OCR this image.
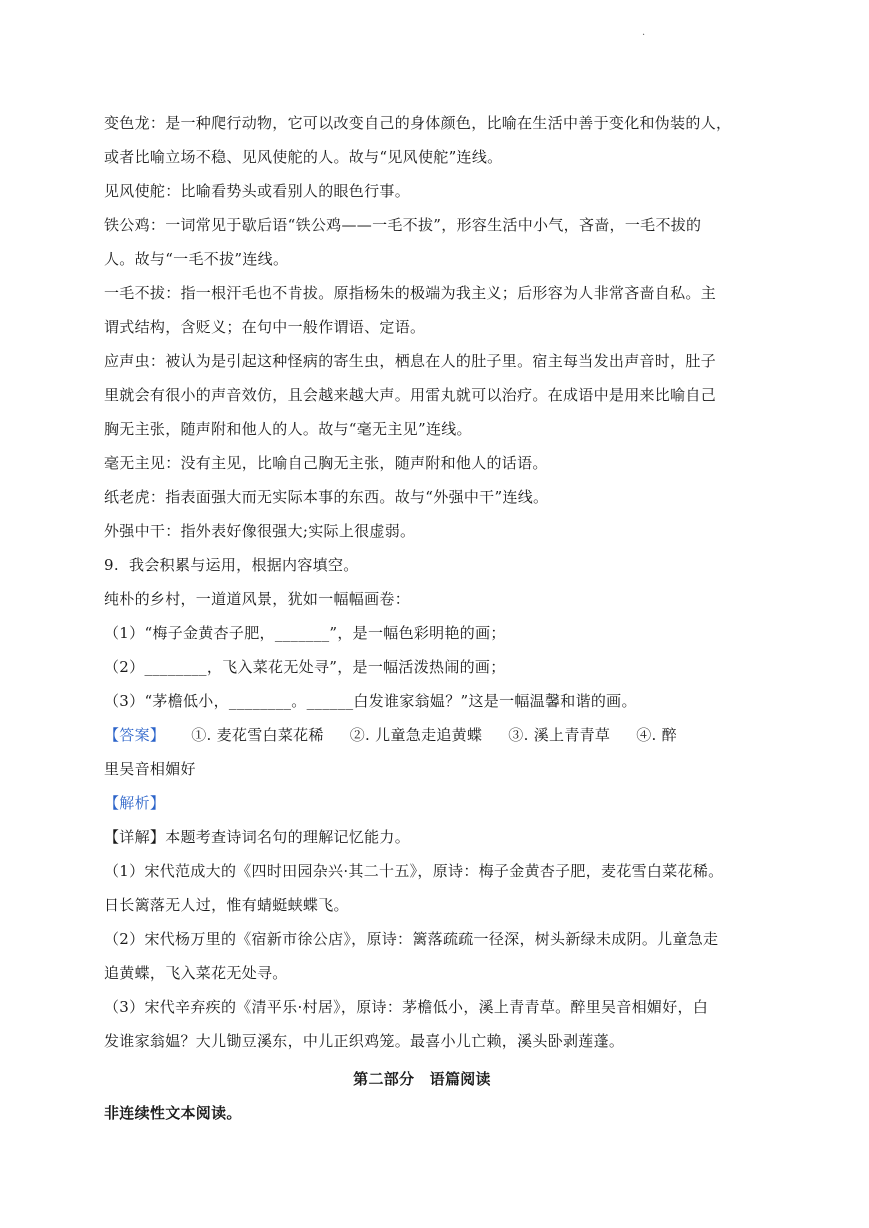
·

变色龙：是一种爬行动物，它可以改变自己的身体颜色，比喻在生活中善于变化和伪装的人，

或者比喻立场不稳、见风使舵的人。故与“见风使舵”连线。

见风使舵：比喻看势头或看别人的眼色行事。

铁公鸡：一词常见于歇后语“铁公鸡——一毛不拔”，形容生活中小气，吝啬，一毛不拔的

人。故与“一毛不拔”连线。

一毛不拔：指一根汗毛也不肯拔。原指杨朱的极端为我主义；后形容为人非常吝啬自私。主

谓式结构，含贬义；在句中一般作谓语、定语。

应声虫：被认为是引起这种怪病的寄生虫，栖息在人的肚子里。宿主每当发出声音时，肚子

里就会有很小的声音效仿，且会越来越大声。用雷丸就可以治疗。在成语中是用来比喻自己

胸无主张，随声附和他人的人。故与“毫无主见”连线。

毫无主见：没有主见，比喻自己胸无主张，随声附和他人的话语。

纸老虎：指表面强大而无实际本事的东西。故与“外强中干”连线。

外强中干：指外表好像很强大;实际上很虚弱。

9.  我会积累与运用，根据内容填空。

纯朴的乡村，一道道风景，犹如一幅幅画卷：

（1）“梅子金黄杏子肥，_______”，是一幅色彩明艳的画；

（2）________，飞入菜花无处寻”，是一幅活泼热闹的画；

（3）“茅檐低小，________。______白发谁家翁媪？”这是一幅温馨和谐的画。

【答案】 ①. 麦花雪白菜花稀 ②. 儿童急走追黄蝶 ③. 溪上青青草 ④. 醉

里吴音相媚好

【解析】

【详解】本题考查诗词名句的理解记忆能力。

（1）宋代范成大的《四时田园杂兴·其二十五》，原诗：梅子金黄杏子肥，麦花雪白菜花稀。

日长篱落无人过，惟有蜻蜓蛱蝶飞。

（2）宋代杨万里的《宿新市徐公店》，原诗：篱落疏疏一径深，树头新绿未成阴。儿童急走

追黄蝶，飞入菜花无处寻。

（3）宋代辛弃疾的《清平乐·村居》，原诗：茅檐低小，溪上青青草。醉里吴音相媚好，白

发谁家翁媪？大儿锄豆溪东，中儿正织鸡笼。最喜小儿亡赖，溪头卧剥莲蓬。

第二部分　语篇阅读

非连续性文本阅读。
